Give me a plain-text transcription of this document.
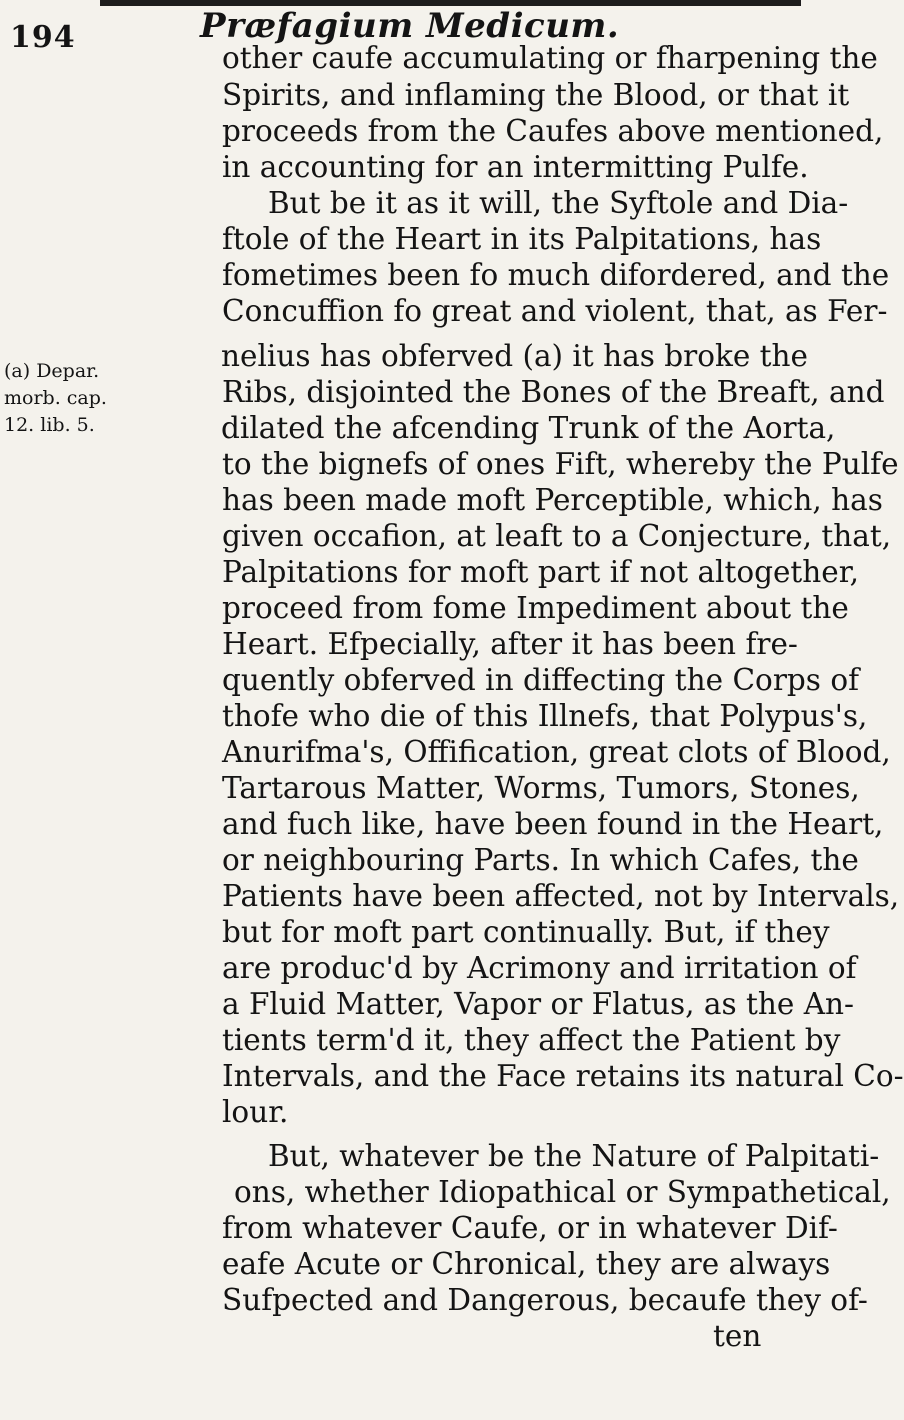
194	Præfagium Medicum.
(a) Depar.
morb. cap.
12. lib. 5.
other caufe accumulating or fharpening the
Spirits, and inflaming the Blood, or that it
proceeds from the Caufes above mentioned,
in accounting for an intermitting Pulfe.
But be it as it will, the Syftole and Dia-
ftole of the Heart in its Palpitations, has
fometimes been fo much difordered, and the
Concuffion fo great and violent, that, as Fer-
nelius has obferved (a) it has broke the
Ribs, disjointed the Bones of the Breaft, and
dilated the afcending Trunk of the Aorta,
to the bignefs of ones Fift, whereby the Pulfe
has been made moft Perceptible, which, has
given occafion, at leaft to a Conjecture, that,
Palpitations for moft part if not altogether,
proceed from fome Impediment about the
Heart. Efpecially, after it has been fre-
quently obferved in diffecting the Corps of
thofe who die of this Illnefs, that Polypus's,
Anurifma's, Offification, great clots of Blood,
Tartarous Matter, Worms, Tumors, Stones,
and fuch like, have been found in the Heart,
or neighbouring Parts. In which Cafes, the
Patients have been affected, not by Intervals,
but for moft part continually. But, if they
are produc'd by Acrimony and irritation of
a Fluid Matter, Vapor or Flatus, as the An-
tients term'd it, they affect the Patient by
Intervals, and the Face retains its natural Co-
lour.
But, whatever be the Nature of Palpitati-
ons, whether Idiopathical or Sympathetical,
from whatever Caufe, or in whatever Dif-
eafe Acute or Chronical, they are always
Sufpected and Dangerous, becaufe they of-
ten
